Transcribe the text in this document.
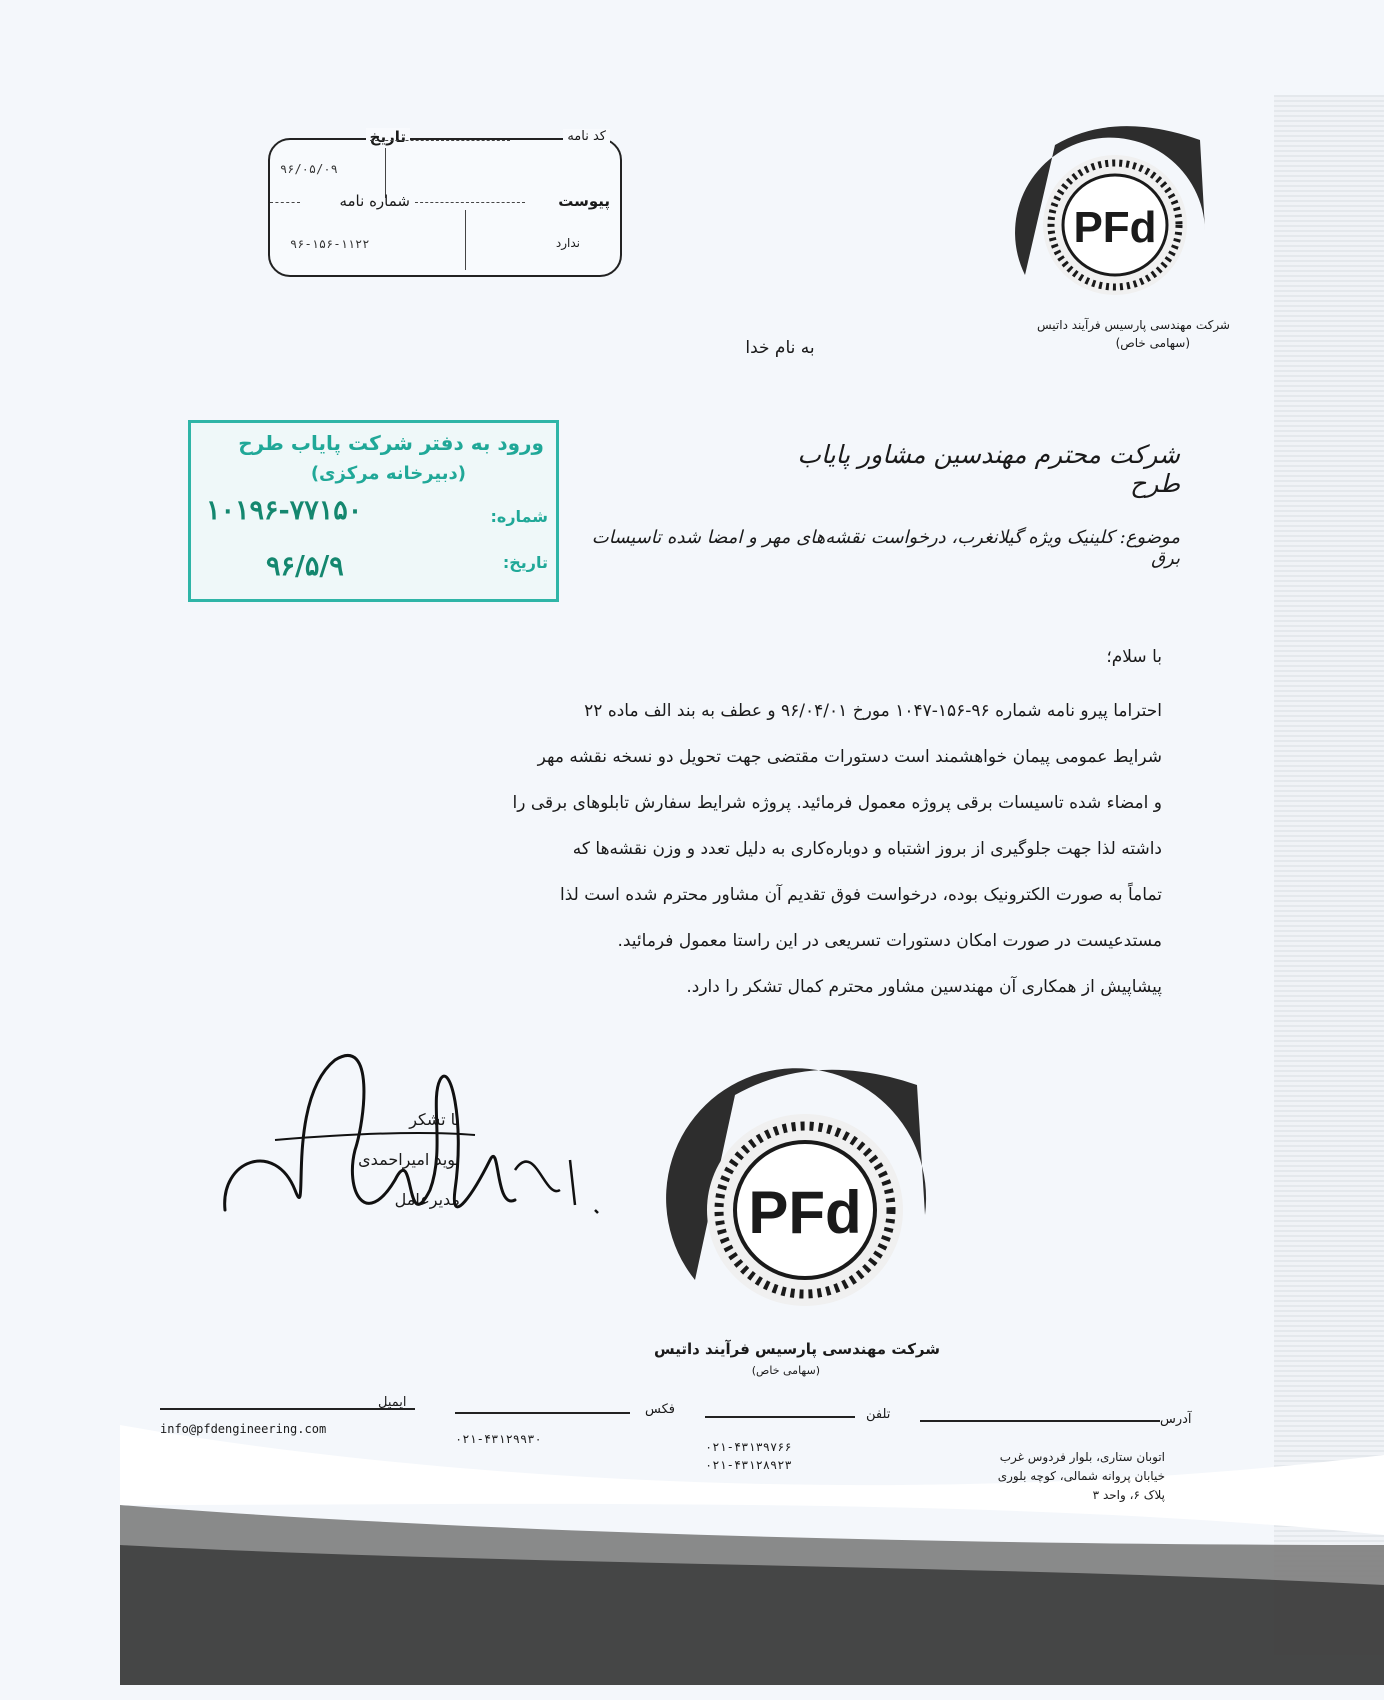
تاریخ	کد نامه
۹۶/۰۵/۰۹
شماره نامه	پیوست
۹۶-۱۵۶-۱۱۲۲	ندارد	PFd
شرکت مهندسی پارسیس فرآیند داتیس
(سهامی خاص)
به نام خدا
ورود به دفتر شرکت پایاب طرح
(دبیرخانه مرکزی)
شماره:
۱۰۱۹۶-۷۷۱۵۰
تاریخ:
۹۶/۵/۹
شرکت محترم مهندسین مشاور پایاب طرح
موضوع: کلینیک ویژه گیلانغرب، درخواست نقشه‌های مهر و امضا شده تاسیسات برق
با سلام؛
احتراما پیرو نامه شماره ۹۶-۱۵۶-۱۰۴۷ مورخ ۹۶/۰۴/۰۱ و عطف به بند الف ماده ۲۲
شرایط عمومی پیمان خواهشمند است دستورات مقتضی جهت تحویل دو نسخه نقشه مهر
و امضاء شده تاسیسات برقی پروژه معمول فرمائید. پروژه شرایط سفارش تابلوهای برقی را
داشته لذا جهت جلوگیری از بروز اشتباه و دوباره‌کاری به دلیل تعدد و وزن نقشه‌ها که
تماماً به صورت الکترونیک بوده، درخواست فوق تقدیم آن مشاور محترم شده است لذا
مستدعیست در صورت امکان دستورات تسریعی در این راستا معمول فرمائید.
پیشاپیش از همکاری آن مهندسین مشاور محترم کمال تشکر را دارد.
با تشکر
نوید امیراحمدی
مدیرعامل	PFd
شرکت مهندسی پارسیس فرآیند داتیس
(سهامی خاص)
ایمیل
info@pfdengineering.com
فکس
۰۲۱-۴۳۱۲۹۹۳۰
تلفن
۰۲۱-۴۳۱۳۹۷۶۶
۰۲۱-۴۳۱۲۸۹۲۳
آدرس
اتوبان ستاری، بلوار فردوس غرب
خیابان پروانه شمالی، کوچه بلوری
پلاک ۶، واحد ۳
